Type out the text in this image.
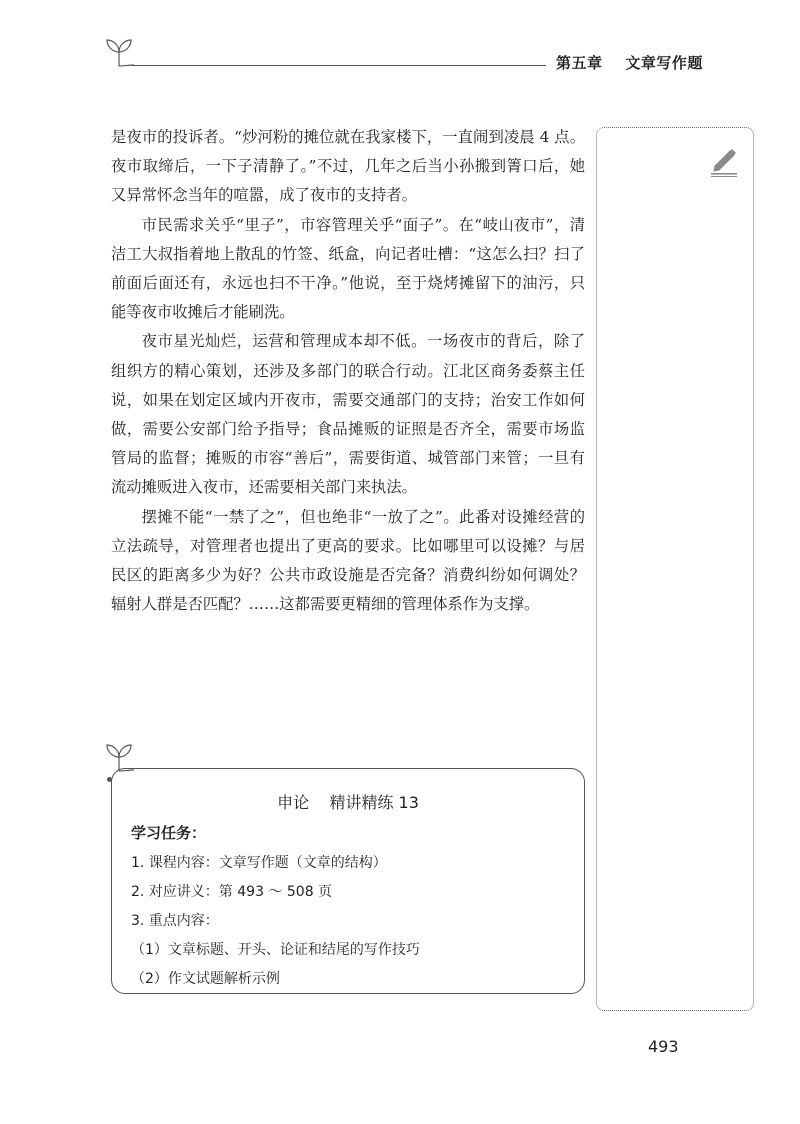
第五章    文章写作题

是夜市的投诉者。“炒河粉的摊位就在我家楼下，一直闹到凌晨 4 点。夜市取缔后，一下子清静了。”不过，几年之后当小孙搬到箐口后，她又异常怀念当年的喧嚣，成了夜市的支持者。

市民需求关乎“里子”，市容管理关乎“面子”。在“岐山夜市”，清洁工大叔指着地上散乱的竹签、纸盒，向记者吐槽：“这怎么扫？扫了前面后面还有，永远也扫不干净。”他说，至于烧烤摊留下的油污，只能等夜市收摊后才能刷洗。

夜市星光灿烂，运营和管理成本却不低。一场夜市的背后，除了组织方的精心策划，还涉及多部门的联合行动。江北区商务委蔡主任说，如果在划定区域内开夜市，需要交通部门的支持；治安工作如何做，需要公安部门给予指导；食品摊贩的证照是否齐全，需要市场监管局的监督；摊贩的市容“善后”，需要街道、城管部门来管；一旦有流动摊贩进入夜市，还需要相关部门来执法。

摆摊不能“一禁了之”，但也绝非“一放了之”。此番对设摊经营的立法疏导，对管理者也提出了更高的要求。比如哪里可以设摊？与居民区的距离多少为好？公共市政设施是否完备？消费纠纷如何调处？辐射人群是否匹配？……这都需要更精细的管理体系作为支撑。

申论    精讲精练 13
学习任务：
1. 课程内容：文章写作题（文章的结构）
2. 对应讲义：第 493 ～ 508 页
3. 重点内容：
（1）文章标题、开头、论证和结尾的写作技巧
（2）作文试题解析示例
493
